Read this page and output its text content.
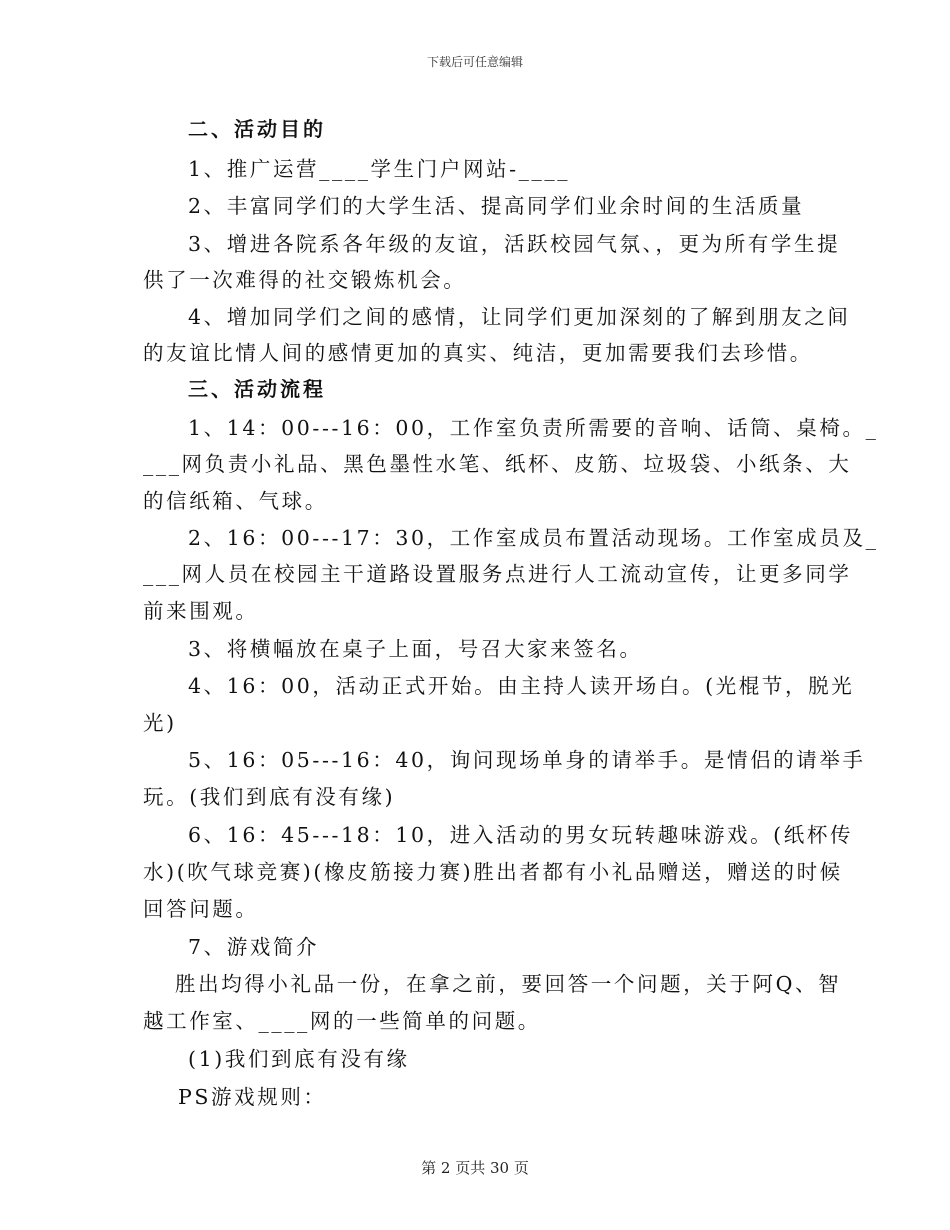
下载后可任意编辑
二、活动目的
1、推广运营____学生门户网站-____
2、丰富同学们的大学生活、提高同学们业余时间的生活质量
3、增进各院系各年级的友谊，活跃校园气氛、，更为所有学生提
供了一次难得的社交锻炼机会。
4、增加同学们之间的感情，让同学们更加深刻的了解到朋友之间
的友谊比情人间的感情更加的真实、纯洁，更加需要我们去珍惜。
三、活动流程
1、14：00---16：00，工作室负责所需要的音响、话筒、桌椅。_
___网负责小礼品、黑色墨性水笔、纸杯、皮筋、垃圾袋、小纸条、大
的信纸箱、气球。
2、16：00---17：30，工作室成员布置活动现场。工作室成员及_
___网人员在校园主干道路设置服务点进行人工流动宣传，让更多同学
前来围观。
3、将横幅放在桌子上面，号召大家来签名。
4、16：00，活动正式开始。由主持人读开场白。(光棍节，脱光
光)
5、16：05---16：40，询问现场单身的请举手。是情侣的请举手
玩。(我们到底有没有缘)
6、16：45---18：10，进入活动的男女玩转趣味游戏。(纸杯传
水)(吹气球竞赛)(橡皮筋接力赛)胜出者都有小礼品赠送，赠送的时候
回答问题。
7、游戏简介
胜出均得小礼品一份，在拿之前，要回答一个问题，关于阿Q、智
越工作室、____网的一些简单的问题。
(1)我们到底有没有缘
PS游戏规则：
第 2 页共 30 页
